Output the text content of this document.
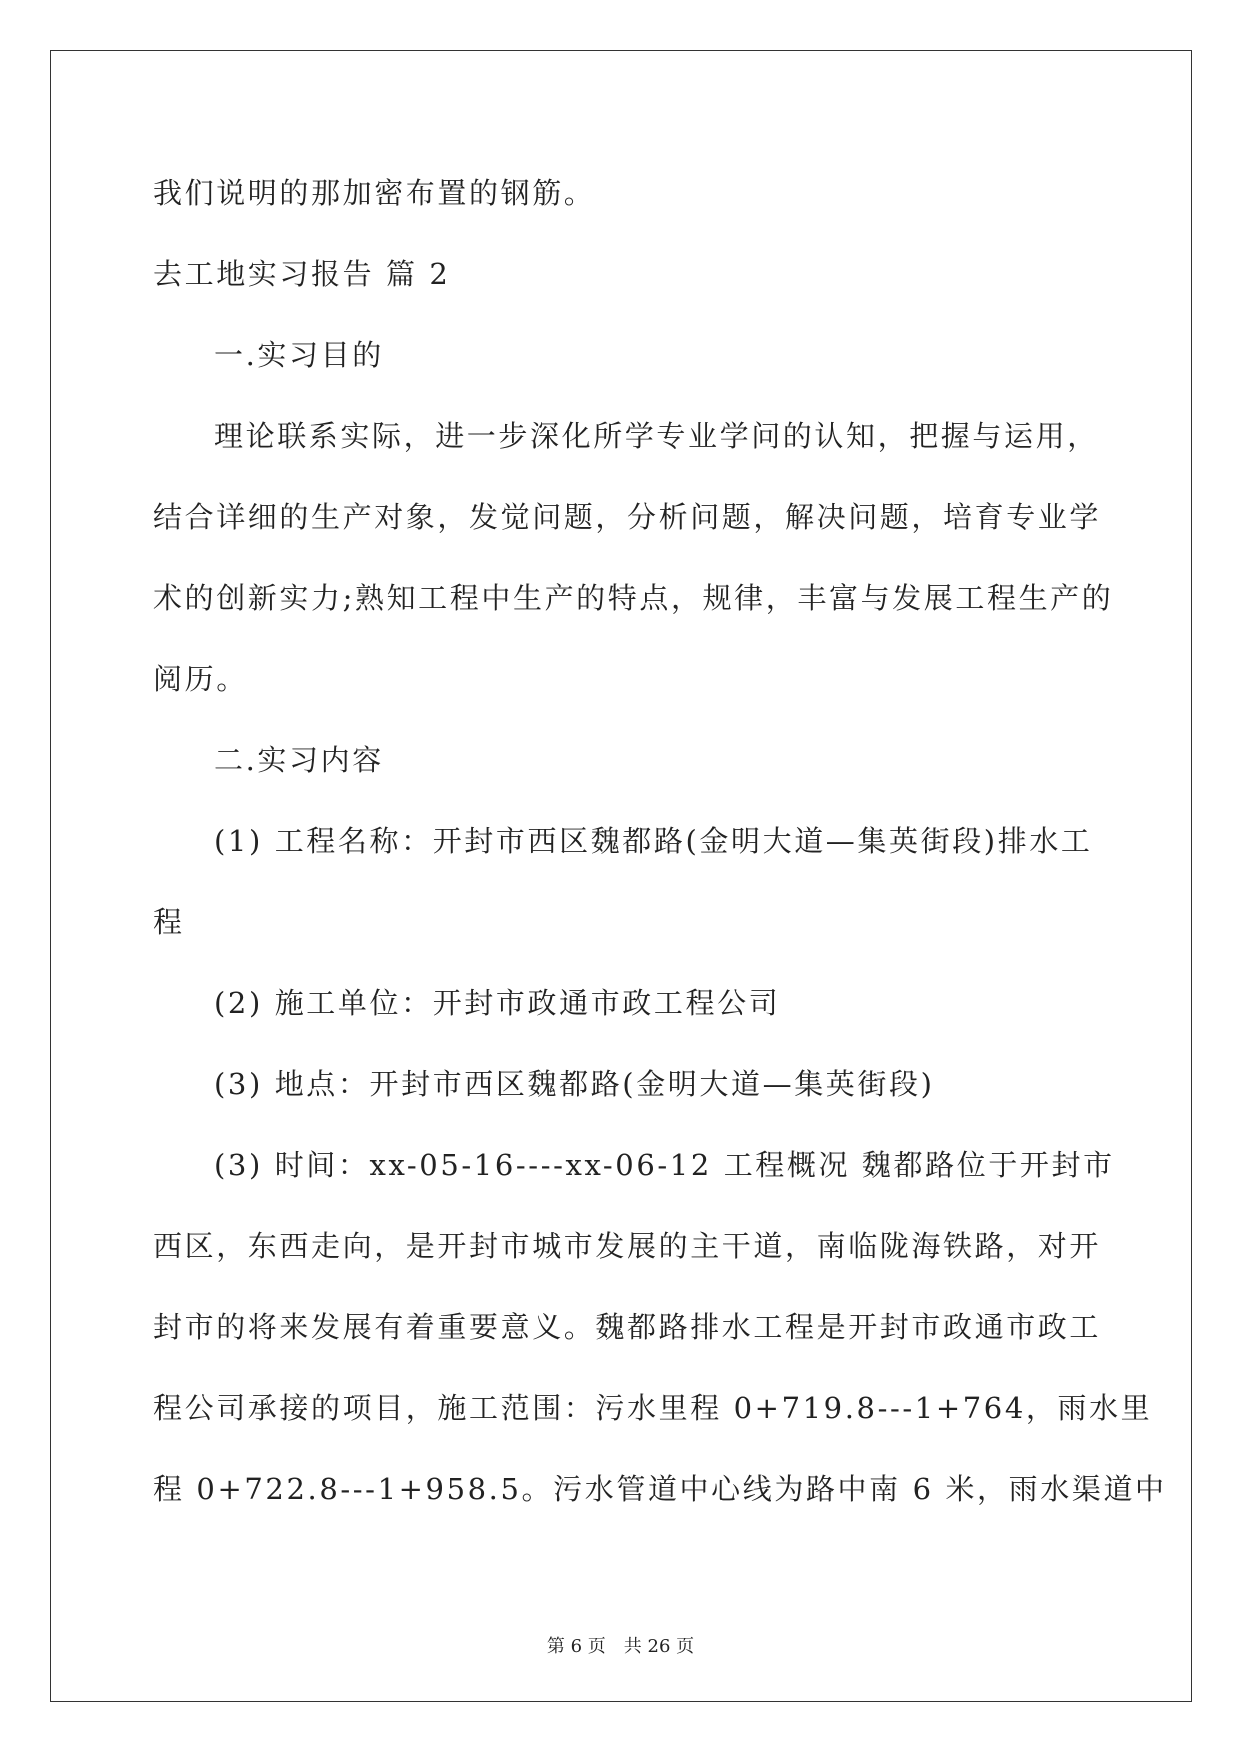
我们说明的那加密布置的钢筋。
去工地实习报告 篇 2
一.实习目的
理论联系实际，进一步深化所学专业学问的认知，把握与运用，
结合详细的生产对象，发觉问题，分析问题，解决问题，培育专业学
术的创新实力;熟知工程中生产的特点，规律，丰富与发展工程生产的
阅历。
二.实习内容
(1) 工程名称：开封市西区魏都路(金明大道—集英街段)排水工
程
(2) 施工单位：开封市政通市政工程公司
(3) 地点：开封市西区魏都路(金明大道—集英街段)
(3) 时间：xx-05-16----xx-06-12 工程概况 魏都路位于开封市
西区，东西走向，是开封市城市发展的主干道，南临陇海铁路，对开
封市的将来发展有着重要意义。魏都路排水工程是开封市政通市政工
程公司承接的项目，施工范围：污水里程 0+719.8---1+764，雨水里
程 0+722.8---1+958.5。污水管道中心线为路中南 6 米，雨水渠道中
第 6 页 共 26 页
